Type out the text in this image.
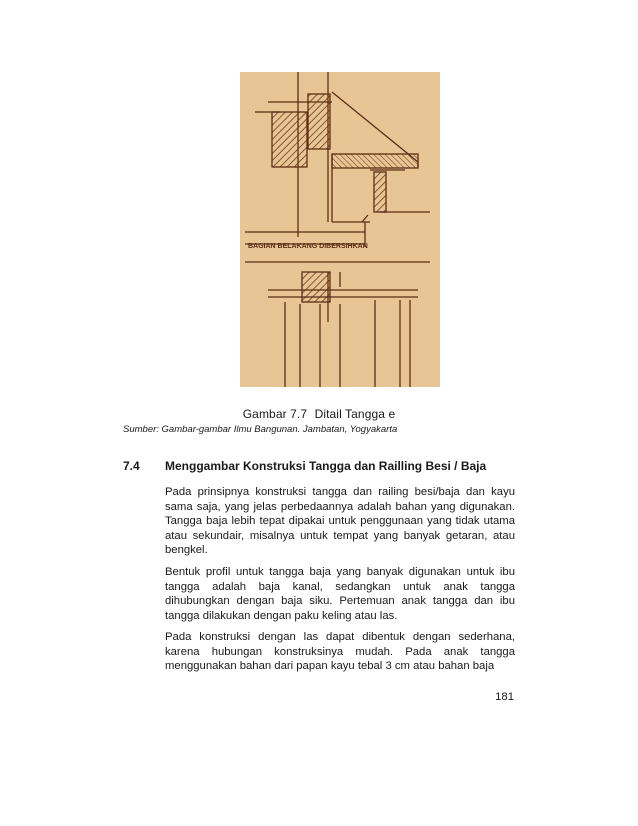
BAGIAN BELAKANG DIBERSIHKAN
Gambar 7.7 Ditail Tangga e
Sumber: Gambar-gambar Ilmu Bangunan. Jambatan, Yogyakarta
7.4 Menggambar Konstruksi Tangga dan Railling Besi / Baja

Pada prinsipnya konstruksi tangga dan railing besi/baja dan kayu sama saja, yang jelas perbedaannya adalah bahan yang digunakan. Tangga baja lebih tepat dipakai untuk penggunaan yang tidak utama atau sekundair, misalnya untuk tempat yang banyak getaran, atau bengkel.

Bentuk profil untuk tangga baja yang banyak digunakan untuk ibu tangga adalah baja kanal, sedangkan untuk anak tangga dihubungkan dengan baja siku. Pertemuan anak tangga dan ibu tangga dilakukan dengan paku keling atau las.

Pada konstruksi dengan las dapat dibentuk dengan sederhana, karena hubungan konstruksinya mudah. Pada anak tangga menggunakan bahan dari papan kayu tebal 3 cm atau bahan baja

181
